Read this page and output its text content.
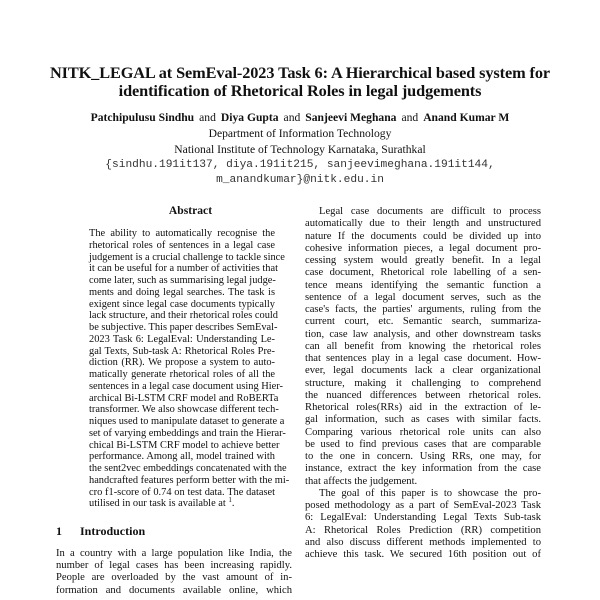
NITK_LEGAL at SemEval-2023 Task 6: A Hierarchical based system for
identification of Rhetorical Roles in legal judgements
Patchipulusu Sindhu and Diya Gupta and Sanjeevi Meghana and Anand Kumar M
Department of Information Technology
National Institute of Technology Karnataka, Surathkal
{sindhu.191it137, diya.191it215, sanjeevimeghana.191it144,
m_anandkumar}@nitk.edu.in
Abstract
The ability to automatically recognise the
rhetorical roles of sentences in a legal case
judgement is a crucial challenge to tackle since
it can be useful for a number of activities that
come later, such as summarising legal judge-
ments and doing legal searches. The task is
exigent since legal case documents typically
lack structure, and their rhetorical roles could
be subjective. This paper describes SemEval-
2023 Task 6: LegalEval: Understanding Le-
gal Texts, Sub-task A: Rhetorical Roles Pre-
diction (RR). We propose a system to auto-
matically generate rhetorical roles of all the
sentences in a legal case document using Hier-
archical Bi-LSTM CRF model and RoBERTa
transformer. We also showcase different tech-
niques used to manipulate dataset to generate a
set of varying embeddings and train the Hierar-
chical Bi-LSTM CRF model to achieve better
performance. Among all, model trained with
the sent2vec embeddings concatenated with the
handcrafted features perform better with the mi-
cro f1-score of 0.74 on test data. The dataset
utilised in our task is available at $^1$.
1 Introduction
In a country with a large population like India, the
number of legal cases has been increasing rapidly.
People are overloaded by the vast amount of in-
formation and documents available online, which
Legal case documents are difficult to process
automatically due to their length and unstructured
nature If the documents could be divided up into
cohesive information pieces, a legal document pro-
cessing system would greatly benefit. In a legal
case document, Rhetorical role labelling of a sen-
tence means identifying the semantic function a
sentence of a legal document serves, such as the
case's facts, the parties' arguments, ruling from the
current court, etc. Semantic search, summariza-
tion, case law analysis, and other downstream tasks
can all benefit from knowing the rhetorical roles
that sentences play in a legal case document. How-
ever, legal documents lack a clear organizational
structure, making it challenging to comprehend
the nuanced differences between rhetorical roles.
Rhetorical roles(RRs) aid in the extraction of le-
gal information, such as cases with similar facts.
Comparing various rhetorical role units can also
be used to find previous cases that are comparable
to the one in concern. Using RRs, one may, for
instance, extract the key information from the case
that affects the judgement.
The goal of this paper is to showcase the pro-
posed methodology as a part of SemEval-2023 Task
6: LegalEval: Understanding Legal Texts Sub-task
A: Rhetorical Roles Prediction (RR) competition
and also discuss different methods implemented to
achieve this task. We secured 16th position out of
